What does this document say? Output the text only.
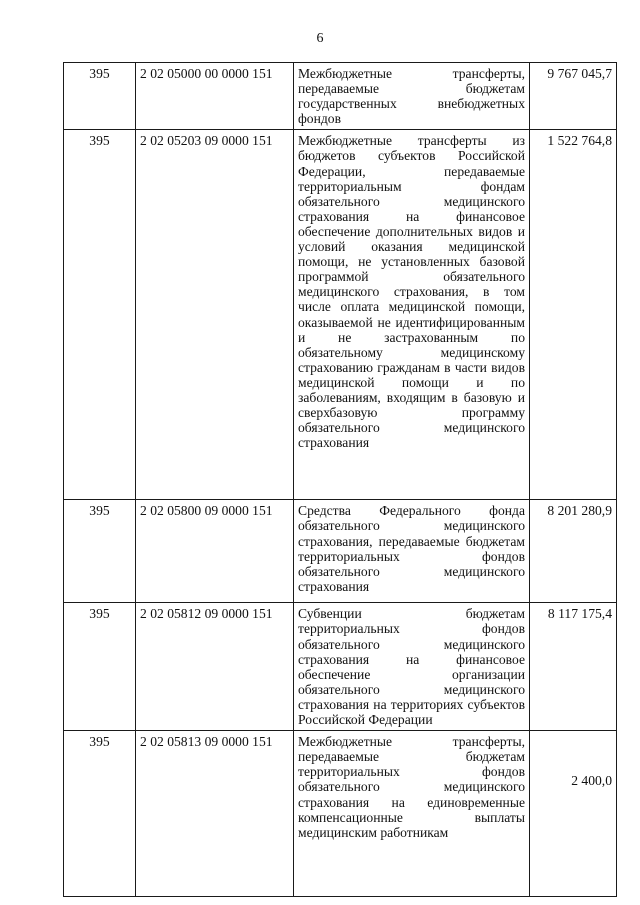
6
395	2 02 05000 00 0000 151	Межбюджетные трансферты, передаваемые бюджетам государственных внебюджетных фондов	9 767 045,7
395	2 02 05203 09 0000 151	Межбюджетные трансферты из бюджетов субъектов Российской Федерации, передаваемые территориальным фондам обязательного медицинского страхования на финансовое обеспечение дополнительных видов и условий оказания медицинской помощи, не установленных базовой программой обязательного медицинского страхования, в том числе оплата медицинской помощи, оказываемой не идентифицированным и не застрахованным по обязательному медицинскому страхованию гражданам в части видов медицинской помощи и по заболеваниям, входящим в базовую и сверхбазовую программу обязательного медицинского страхования	1 522 764,8
395	2 02 05800 09 0000 151	Средства Федерального фонда обязательного медицинского страхования, передаваемые бюджетам территориальных фондов обязательного медицинского страхования	8 201 280,9
395	2 02 05812 09 0000 151	Субвенции бюджетам территориальных фондов обязательного медицинского страхования на финансовое обеспечение организации обязательного медицинского страхования на территориях субъектов Российской Федерации	8 117 175,4
395	2 02 05813 09 0000 151	Межбюджетные трансферты, передаваемые бюджетам территориальных фондов обязательного медицинского страхования на единовременные компенсационные выплаты медицинским работникам	2 400,0
